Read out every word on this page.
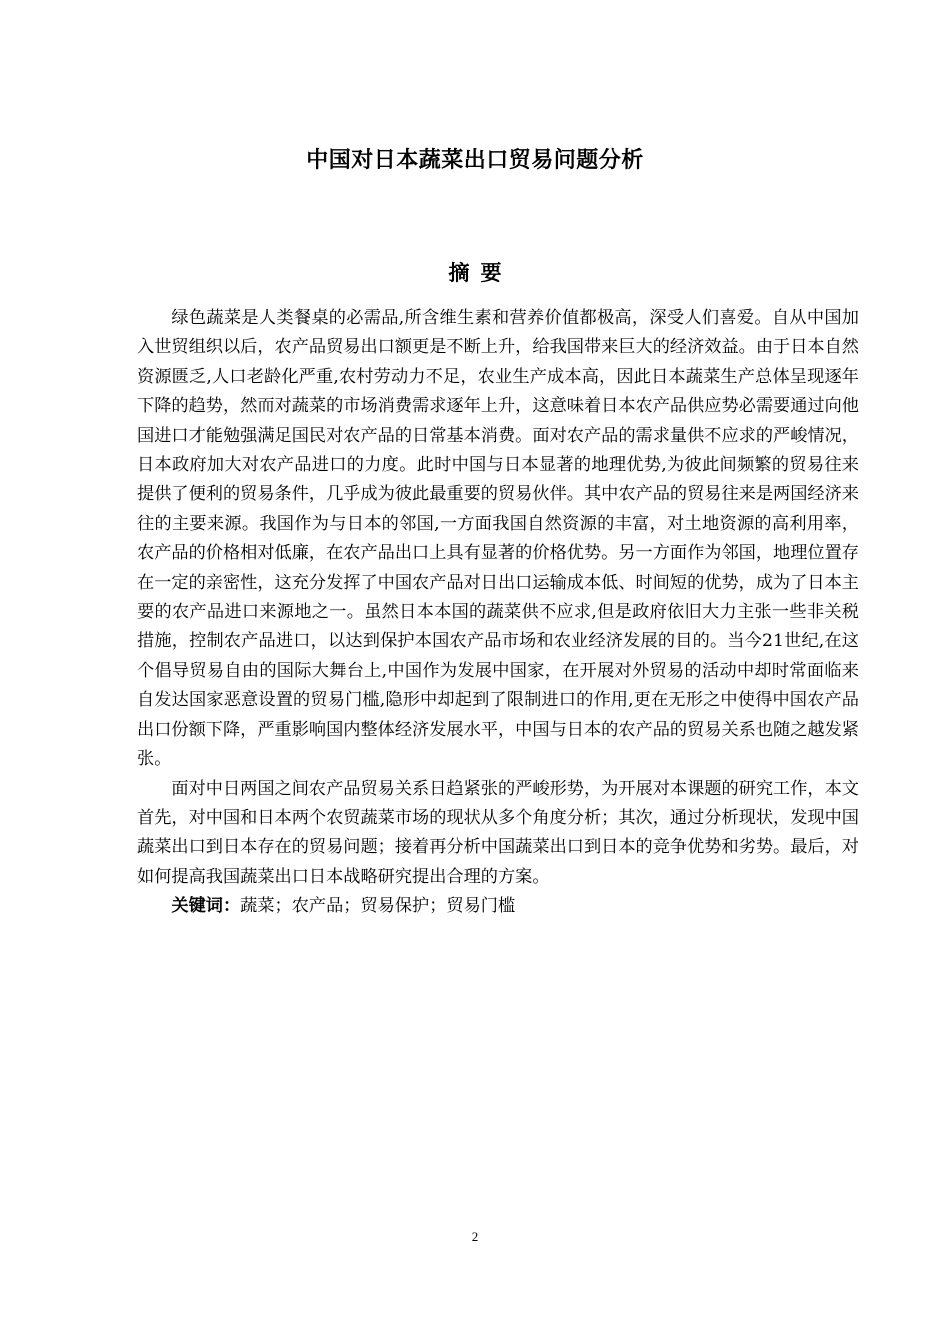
中国对日本蔬菜出口贸易问题分析
摘 要

绿色蔬菜是人类餐桌的必需品,所含维生素和营养价值都极高，深受人们喜爱。自从中国加入世贸组织以后，农产品贸易出口额更是不断上升，给我国带来巨大的经济效益。由于日本自然资源匮乏,人口老龄化严重,农村劳动力不足，农业生产成本高，因此日本蔬菜生产总体呈现逐年下降的趋势，然而对蔬菜的市场消费需求逐年上升，这意味着日本农产品供应势必需要通过向他国进口才能勉强满足国民对农产品的日常基本消费。面对农产品的需求量供不应求的严峻情况，日本政府加大对农产品进口的力度。此时中国与日本显著的地理优势,为彼此间频繁的贸易往来提供了便利的贸易条件，几乎成为彼此最重要的贸易伙伴。其中农产品的贸易往来是两国经济来往的主要来源。我国作为与日本的邻国,一方面我国自然资源的丰富，对土地资源的高利用率，农产品的价格相对低廉，在农产品出口上具有显著的价格优势。另一方面作为邻国，地理位置存在一定的亲密性，这充分发挥了中国农产品对日出口运输成本低、时间短的优势，成为了日本主要的农产品进口来源地之一。虽然日本本国的蔬菜供不应求,但是政府依旧大力主张一些非关税措施，控制农产品进口，以达到保护本国农产品市场和农业经济发展的目的。当今21世纪,在这个倡导贸易自由的国际大舞台上,中国作为发展中国家，在开展对外贸易的活动中却时常面临来自发达国家恶意设置的贸易门槛,隐形中却起到了限制进口的作用,更在无形之中使得中国农产品出口份额下降，严重影响国内整体经济发展水平，中国与日本的农产品的贸易关系也随之越发紧张。

面对中日两国之间农产品贸易关系日趋紧张的严峻形势，为开展对本课题的研究工作，本文首先，对中国和日本两个农贸蔬菜市场的现状从多个角度分析；其次，通过分析现状，发现中国蔬菜出口到日本存在的贸易问题；接着再分析中国蔬菜出口到日本的竞争优势和劣势。最后，对如何提高我国蔬菜出口日本战略研究提出合理的方案。

关键词：蔬菜；农产品；贸易保护；贸易门槛

2
